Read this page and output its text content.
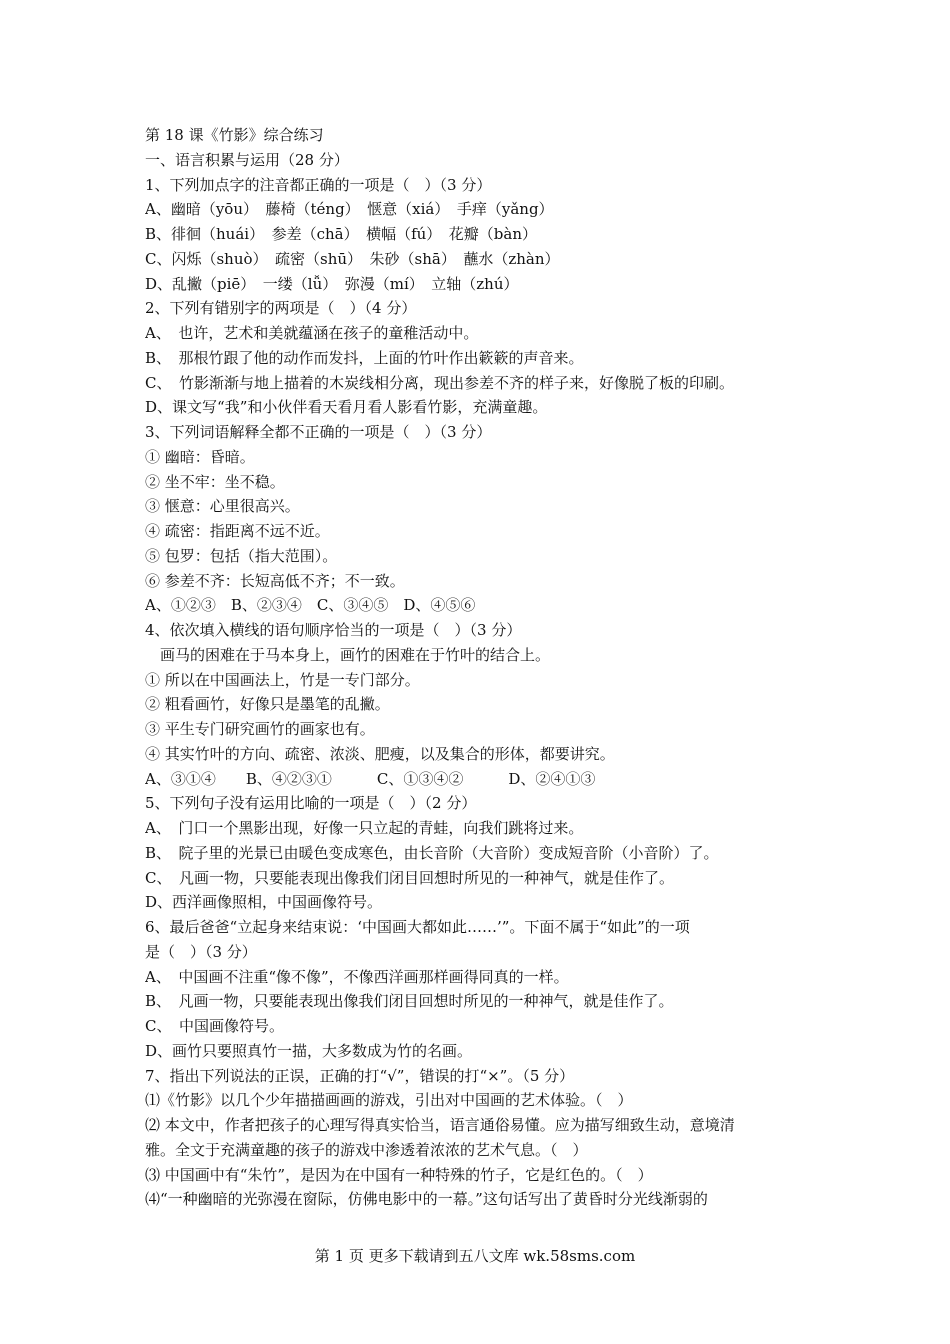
第 18 课《竹影》综合练习
一、语言积累与运用（28 分）
1、下列加点字的注音都正确的一项是（　）（3 分）
A、幽暗（yōu）　藤椅（téng）　惬意（xiá）　手痒（yǎng）
B、徘徊（huái）　参差（chā）　横幅（fú）　花瓣（bàn）
C、闪烁（shuò）　疏密（shū）　朱砂（shā）　蘸水（zhàn）
D、乱撇（piē）　一缕（lǚ）　弥漫（mí）　立轴（zhú）
2、下列有错别字的两项是（　）（4 分）
A、　也许，艺术和美就蕴涵在孩子的童稚活动中。
B、　那根竹跟了他的动作而发抖，上面的竹叶作出簌簌的声音来。
C、　竹影渐渐与地上描着的木炭线相分离，现出参差不齐的样子来，好像脱了板的印刷。
D、课文写“我”和小伙伴看天看月看人影看竹影，充满童趣。
3、下列词语解释全都不正确的一项是（　）（3 分）
① 幽暗：昏暗。
② 坐不牢：坐不稳。
③ 惬意：心里很高兴。
④ 疏密：指距离不远不近。
⑤ 包罗：包括（指大范围）。
⑥ 参差不齐：长短高低不齐；不一致。
A、①②③　B、②③④　C、③④⑤　D、④⑤⑥
4、依次填入横线的语句顺序恰当的一项是（　）（3 分）
画马的困难在于马本身上，画竹的困难在于竹叶的结合上。
① 所以在中国画法上，竹是一专门部分。
② 粗看画竹，好像只是墨笔的乱撇。
③ 平生专门研究画竹的画家也有。
④ 其实竹叶的方向、疏密、浓淡、肥瘦，以及集合的形体，都要讲究。
A、③①④　　B、④②③①　　　C、①③④②　　　D、②④①③
5、下列句子没有运用比喻的一项是（　）（2 分）
A、　门口一个黑影出现，好像一只立起的青蛙，向我们跳将过来。
B、　院子里的光景已由暖色变成寒色，由长音阶（大音阶）变成短音阶（小音阶）了。
C、　凡画一物，只要能表现出像我们闭目回想时所见的一种神气，就是佳作了。
D、西洋画像照相，中国画像符号。
6、最后爸爸“立起身来结束说：‘中国画大都如此……’”。下面不属于“如此”的一项
是（　）（3 分）
A、　中国画不注重“像不像”，不像西洋画那样画得同真的一样。
B、　凡画一物，只要能表现出像我们闭目回想时所见的一种神气，就是佳作了。
C、　中国画像符号。
D、画竹只要照真竹一描，大多数成为竹的名画。
7、指出下列说法的正误，正确的打“√”，错误的打“×”。（5 分）
⑴《竹影》以几个少年描描画画的游戏，引出对中国画的艺术体验。（　）
⑵ 本文中，作者把孩子的心理写得真实恰当，语言通俗易懂。应为描写细致生动，意境清
雅。全文于充满童趣的孩子的游戏中渗透着浓浓的艺术气息。（　）
⑶ 中国画中有“朱竹”，是因为在中国有一种特殊的竹子，它是红色的。（　）
⑷“一种幽暗的光弥漫在窗际，仿佛电影中的一幕。”这句话写出了黄昏时分光线渐弱的
第 1 页 更多下载请到五八文库 wk.58sms.com
